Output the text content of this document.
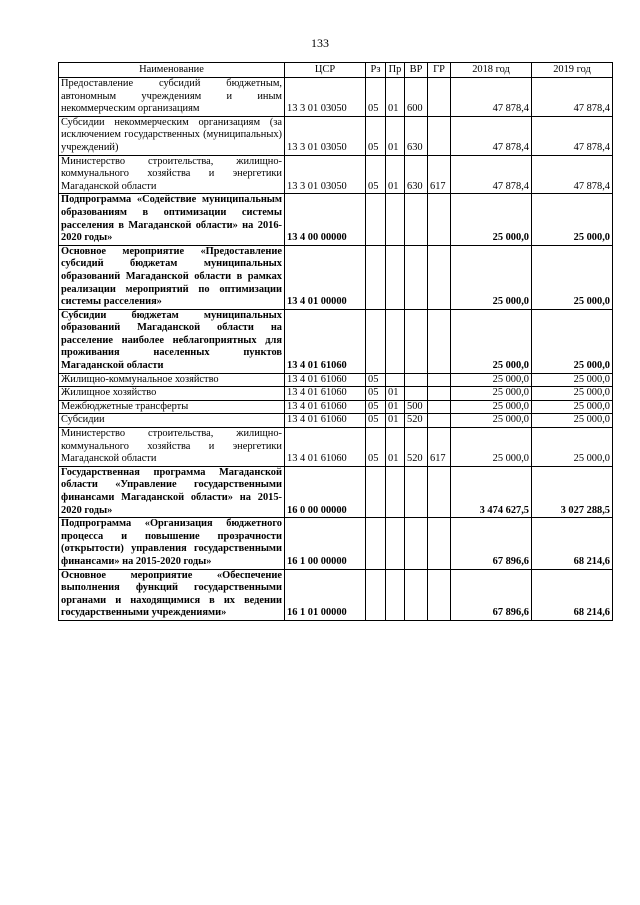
133
Наименование	ЦСР	Рз	Пр	ВР	ГР	2018 год	2019 год
Предоставление субсидий бюджетным, автономным учреждениям и иным некоммерческим организациям	13 3 01 03050	05	01	600		47 878,4	47 878,4
Субсидии некоммерческим организациям (за исключением государственных (муниципальных) учреждений)	13 3 01 03050	05	01	630		47 878,4	47 878,4
Министерство строительства, жилищно-коммунального хозяйства и энергетики Магаданской области	13 3 01 03050	05	01	630	617	47 878,4	47 878,4
Подпрограмма «Содействие муниципальным образованиям в оптимизации системы расселения в Магаданской области» на 2016-2020 годы»	13 4 00 00000					25 000,0	25 000,0
Основное мероприятие «Предоставление субсидий бюджетам муниципальных образований Магаданской области в рамках реализации мероприятий по оптимизации системы расселения»	13 4 01 00000					25 000,0	25 000,0
Субсидии бюджетам муниципальных образований Магаданской области на расселение наиболее неблагоприятных для проживания населенных пунктов Магаданской области	13 4 01 61060					25 000,0	25 000,0
Жилищно-коммунальное хозяйство	13 4 01 61060	05				25 000,0	25 000,0
Жилищное хозяйство	13 4 01 61060	05	01			25 000,0	25 000,0
Межбюджетные трансферты	13 4 01 61060	05	01	500		25 000,0	25 000,0
Субсидии	13 4 01 61060	05	01	520		25 000,0	25 000,0
Министерство строительства, жилищно-коммунального хозяйства и энергетики Магаданской области	13 4 01 61060	05	01	520	617	25 000,0	25 000,0
Государственная программа Магаданской области «Управление государственными финансами Магаданской области» на 2015-2020 годы»	16 0 00 00000					3 474 627,5	3 027 288,5
Подпрограмма «Организация бюджетного процесса и повышение прозрачности (открытости) управления государственными финансами» на 2015-2020 годы»	16 1 00 00000					67 896,6	68 214,6
Основное мероприятие «Обеспечение выполнения функций государственными органами и находящимися в их ведении государственными учреждениями»	16 1 01 00000					67 896,6	68 214,6
